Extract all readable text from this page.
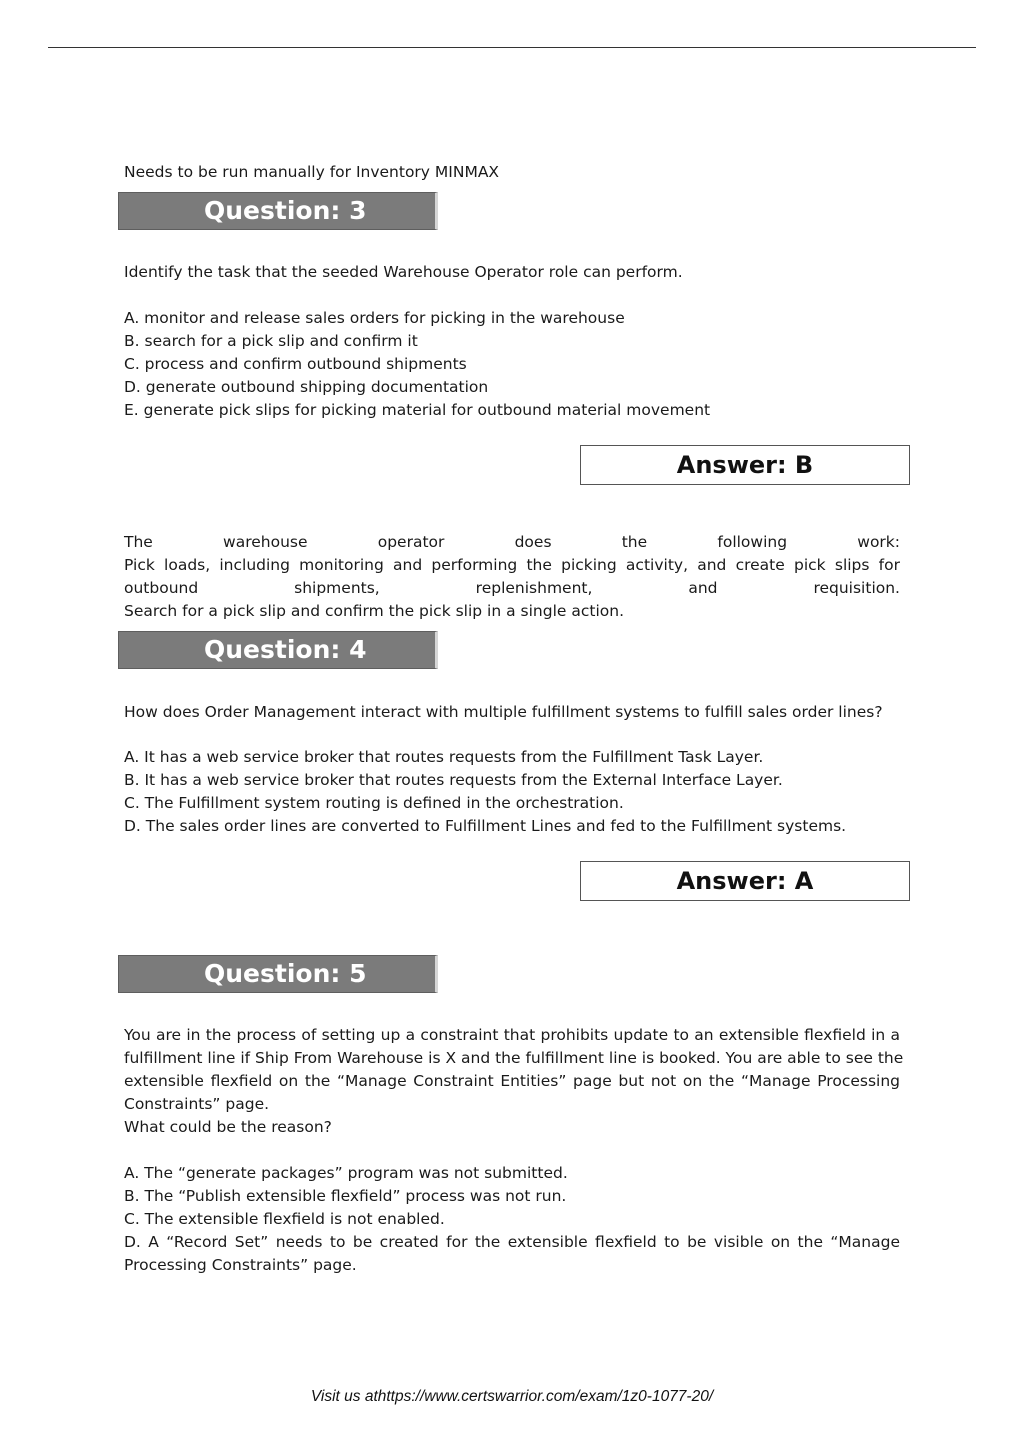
Needs to be run manually for Inventory MINMAX

Question: 3

Identify the task that the seeded Warehouse Operator role can perform.

A. monitor and release sales orders for picking in the warehouse
B. search for a pick slip and confirm it
C. process and confirm outbound shipments
D. generate outbound shipping documentation
E. generate pick slips for picking material for outbound material movement
Answer: B
The warehouse operator does the following work:
Pick loads, including monitoring and performing the picking activity, and create pick slips for
outbound shipments, replenishment, and requisition.
Search for a pick slip and confirm the pick slip in a single action.
Question: 4

How does Order Management interact with multiple fulfillment systems to fulfill sales order lines?

A. It has a web service broker that routes requests from the Fulfillment Task Layer.
B. It has a web service broker that routes requests from the External Interface Layer.
C. The Fulfillment system routing is defined in the orchestration.
D. The sales order lines are converted to Fulfillment Lines and fed to the Fulfillment systems.
Answer: A
Question: 5
You are in the process of setting up a constraint that prohibits update to an extensible flexfield in a
fulfillment line if Ship From Warehouse is X and the fulfillment line is booked. You are able to see the
extensible flexfield on the “Manage Constraint Entities” page but not on the “Manage Processing
Constraints” page.
What could be the reason?
A. The “generate packages” program was not submitted.
B. The “Publish extensible flexfield” process was not run.
C. The extensible flexfield is not enabled.
D. A “Record Set” needs to be created for the extensible flexfield to be visible on the “Manage
Processing Constraints” page.
Visit us athttps://www.certswarrior.com/exam/1z0-1077-20/
